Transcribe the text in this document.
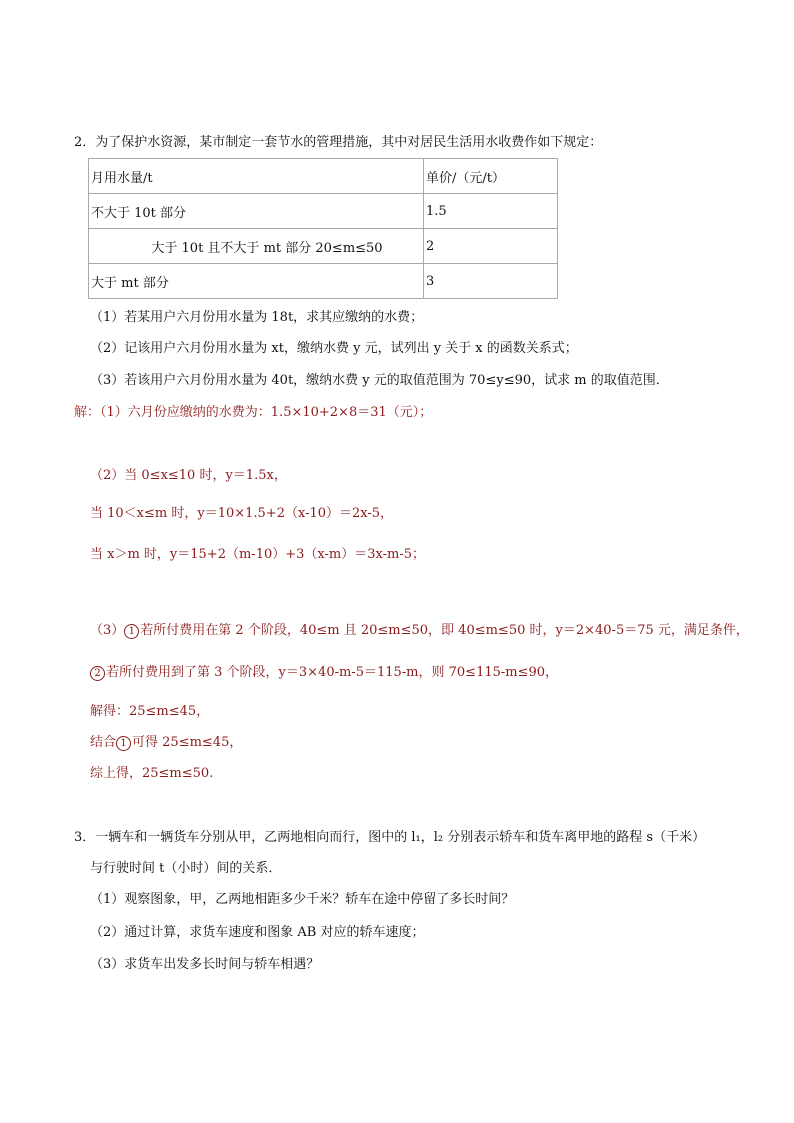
2．为了保护水资源，某市制定一套节水的管理措施，其中对居民生活用水收费作如下规定：
月用水量/t	单价/（元/t）
不大于 10t 部分	1.5
大于 10t 且不大于 mt 部分 20≤m≤50	2
大于 mt 部分	3
（1）若某用户六月份用水量为 18t，求其应缴纳的水费；
（2）记该用户六月份用水量为 xt，缴纳水费 y 元，试列出 y 关于 x 的函数关系式；
（3）若该用户六月份用水量为 40t，缴纳水费 y 元的取值范围为 70≤y≤90，试求 m 的取值范围．
解：（1）六月份应缴纳的水费为：1.5×10+2×8＝31（元）；
（2）当 0≤x≤10 时，y＝1.5x，
当 10＜x≤m 时，y＝10×1.5+2（x-10）＝2x-5，
当 x＞m 时，y＝15+2（m-10）+3（x-m）＝3x-m-5；
（3） 1 若所付费用在第 2 个阶段，40≤m 且 20≤m≤50，即 40≤m≤50 时，y＝2×40-5＝75 元，满足条件，
2 若所付费用到了第 3 个阶段，y＝3×40-m-5＝115-m，则 70≤115-m≤90，
解得：25≤m≤45，
结合 1 可得 25≤m≤45，
综上得，25≤m≤50.
3．一辆车和一辆货车分别从甲，乙两地相向而行，图中的 l₁，l₂ 分别表示轿车和货车离甲地的路程 s（千米）
与行驶时间 t（小时）间的关系．
（1）观察图象，甲，乙两地相距多少千米？轿车在途中停留了多长时间？
（2）通过计算，求货车速度和图象 AB 对应的轿车速度；
（3）求货车出发多长时间与轿车相遇？
